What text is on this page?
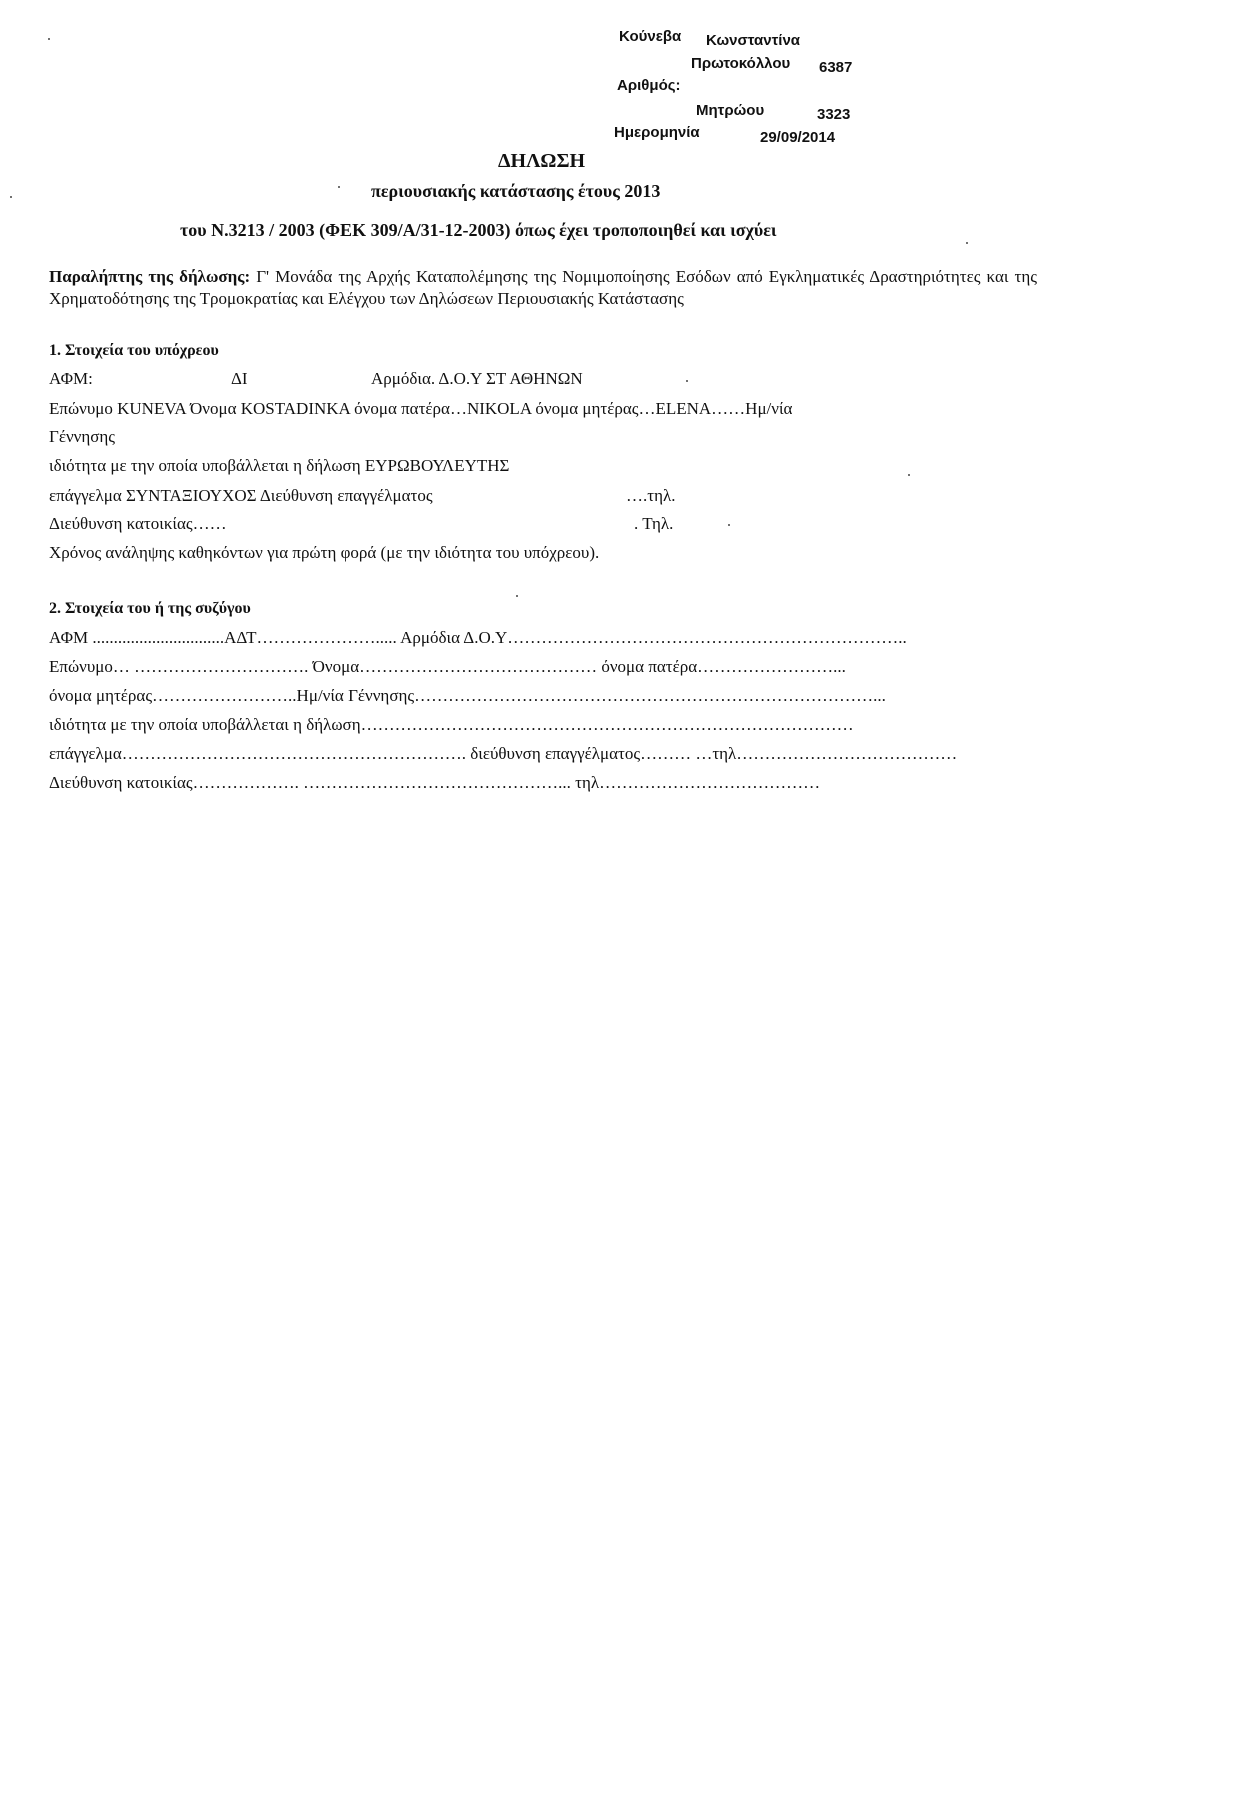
Κούνεβα Κωνσταντίνα
Πρωτοκόλλου 6387
Αριθμός:
Μητρώου	3323
Ημερομηνία	29/09/2014
ΔΗΛΩΣΗ
περιουσιακής κατάστασης έτους 2013
του Ν.3213 / 2003 (ΦΕΚ 309/Α/31-12-2003) όπως έχει τροποποιηθεί και ισχύει
Παραλήπτης της δήλωσης: Γ' Μονάδα της Αρχής Καταπολέμησης της Νομιμοποίησης Εσόδων από Εγκληματικές Δραστηριότητες και της Χρηματοδότησης της Τρομοκρατίας και Ελέγχου των Δηλώσεων Περιουσιακής Κατάστασης
1. Στοιχεία του υπόχρεου
ΑΦΜ:	ΔΙ	Αρμόδια. Δ.Ο.Υ ΣΤ ΑΘΗΝΩΝ
Επώνυμο KUNEVA Όνομα KOSTADINKA όνομα πατέρα…NIKOLA όνομα μητέρας…ELENA……Ημ/νία
Γέννησης
ιδιότητα με την οποία υποβάλλεται η δήλωση ΕΥΡΩΒΟΥΛΕΥΤΗΣ
επάγγελμα ΣΥΝΤΑΞΙΟΥΧΟΣ Διεύθυνση επαγγέλματος	….τηλ.
Διεύθυνση κατοικίας……	. Τηλ.
Χρόνος ανάληψης καθηκόντων για πρώτη φορά (με την ιδιότητα του υπόχρεου).
2. Στοιχεία του ή της συζύγου
ΑΦΜ ...............................ΑΔΤ…………………..... Αρμόδια Δ.Ο.Υ……………………………………………………………..
Επώνυμο… …………………………. Όνομα…………………………………… όνομα πατέρα……………………...
όνομα μητέρας……………………..Ημ/νία Γέννησης………………………………………………………………………...
ιδιότητα με την οποία υποβάλλεται η δήλωση……………………………………………………………………………
επάγγελμα……………………………………………………. διεύθυνση επαγγέλματος……… …τηλ…………………………………
Διεύθυνση κατοικίας………………. ………………………………………... τηλ…………………………………
